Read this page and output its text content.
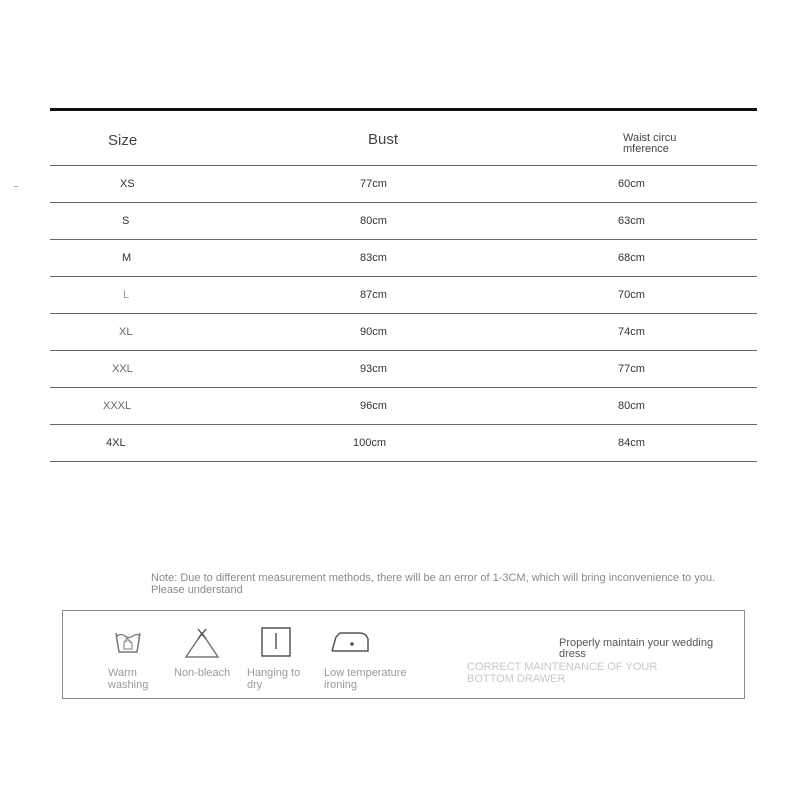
Size	Bust	Waist circumference
XS	77cm	60cm
S	80cm	63cm
M	83cm	68cm
L	87cm	70cm
XL	90cm	74cm
XXL	93cm	77cm
XXXL	96cm	80cm
4XL	100cm	84cm
Note: Due to different measurement methods, there will be an error of 1-3CM, which will bring inconvenience to you.
Please understand
Warm washing
Non-bleach	Hanging to dry
Low temperature ironing
Properly maintain your wedding dress
CORRECT MAINTENANCE OF YOUR BOTTOM DRAWER
